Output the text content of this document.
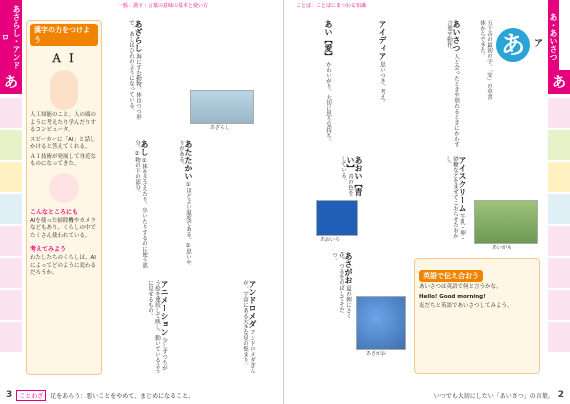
一般：漢字・言葉の意味の基本と使い方
あさらし・アンドロ
あ
漢字の力をつけよう
Ａ Ｉ

人工知能のこと。人の頭のように考えたり学んだりするコンピュータ。

スピーカーに「AI」と話しかけると答えてくれる。

ＡＩ技術が発展して身近なものになってきた。

こんなところにも

AIを使った掃除機やカメラなどもあり、くらしの中でたくさん使われている。

考えてみよう

わたしたちのくらしは、AIによってどのように変わるだろうか。

あざらし 海にすむ動物。体はつつ形で、あしはひれのようになっている。
あざらし
あし ①体をささえたり、歩いたりするのに使う部分。②物の下の部分。	あたたかい ①ほどよい温度である。②思いやりがある。
アニメーション 少しずつちがう絵を連続して映し、動いているように見せるもの。	アンドロメダ アンドロメダぎんが。宇宙にある大きな星の集まり。
3	ことわざ	足をあらう：悪いことをやめて、まじめになること。
ことば：ことばにまつわる知識
あ・あいさつ
あ
あ	ア
五十音の最初の字。「安」の草書体からできた。
あい【愛】 かわいがり、大切に思う気持ち。
アイディア 思いつき。考え。
あいさつ 人と会ったときや別れるときにかわす言葉や動作。
あおいろ
あいがも
あおい【青い】 青の色をしている。	アイスクリーム 牛乳・卵・砂糖などをまぜてこおらせたおかし。
あさがお 夏の朝にさく花。つるをのばしてそだつ。
あさがお
英語で伝え合おう

あいさつは英語で何と言うかな。

Hello! Good morning!

友だちと英語であいさつしてみよう。

いつでも大切にしたい「あいさつ」の言葉。 2
